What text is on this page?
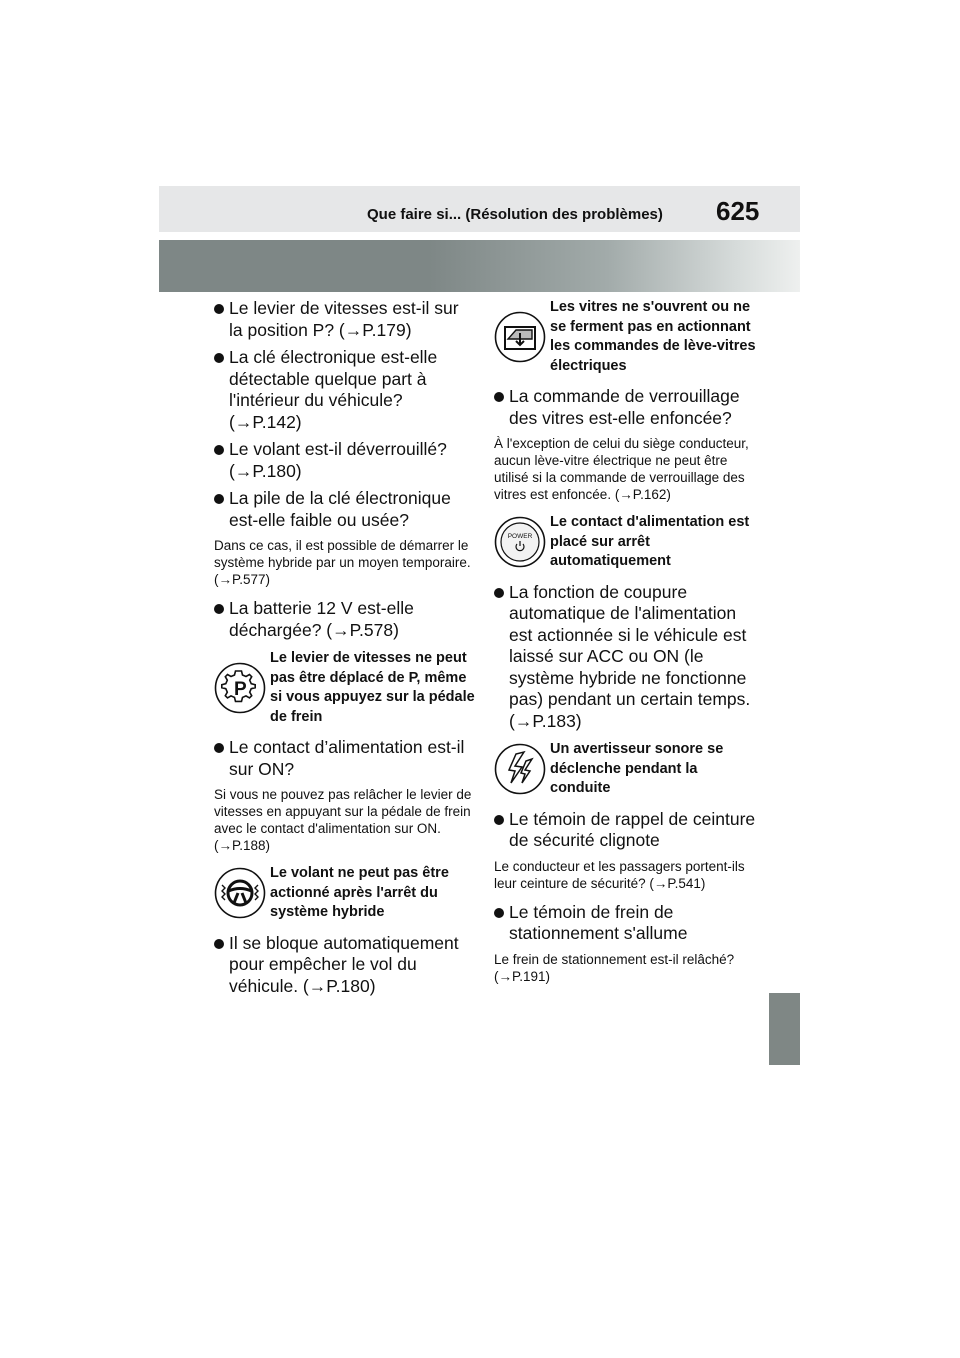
Que faire si... (Résolution des problèmes) 625
Le levier de vitesses est-il sur la position P? (→P.179)
La clé électronique est-elle détectable quelque part à l'intérieur du véhicule? (→P.142)
Le volant est-il déverrouillé? (→P.180)
La pile de la clé électronique est-elle faible ou usée?
Dans ce cas, il est possible de démarrer le système hybride par un moyen temporaire. (→P.577)
La batterie 12 V est-elle déchargée? (→P.578)
P
Le levier de vitesses ne peut pas être déplacé de P, même si vous appuyez sur la pédale de frein
Le contact d’alimentation est-il sur ON?
Si vous ne pouvez pas relâcher le levier de vitesses en appuyant sur la pédale de frein avec le contact d'alimentation sur ON. (→P.188)
Le volant ne peut pas être actionné après l'arrêt du système hybride
Il se bloque automatiquement pour empêcher le vol du véhicule. (→P.180)
Les vitres ne s'ouvrent ou ne se ferment pas en actionnant les commandes de lève-vitres électriques
La commande de verrouillage des vitres est-elle enfoncée?
À l'exception de celui du siège conducteur, aucun lève-vitre électrique ne peut être utilisé si la commande de verrouillage des vitres est enfoncée. (→P.162)
POWER
Le contact d'alimentation est placé sur arrêt automatiquement
La fonction de coupure automatique de l'alimentation est actionnée si le véhicule est laissé sur ACC ou ON (le système hybride ne fonctionne pas) pendant un certain temps. (→P.183)
Un avertisseur sonore se déclenche pendant la conduite
Le témoin de rappel de ceinture de sécurité clignote
Le conducteur et les passagers portent-ils leur ceinture de sécurité? (→P.541)
Le témoin de frein de stationnement s'allume
Le frein de stationnement est-il relâché? (→P.191)
